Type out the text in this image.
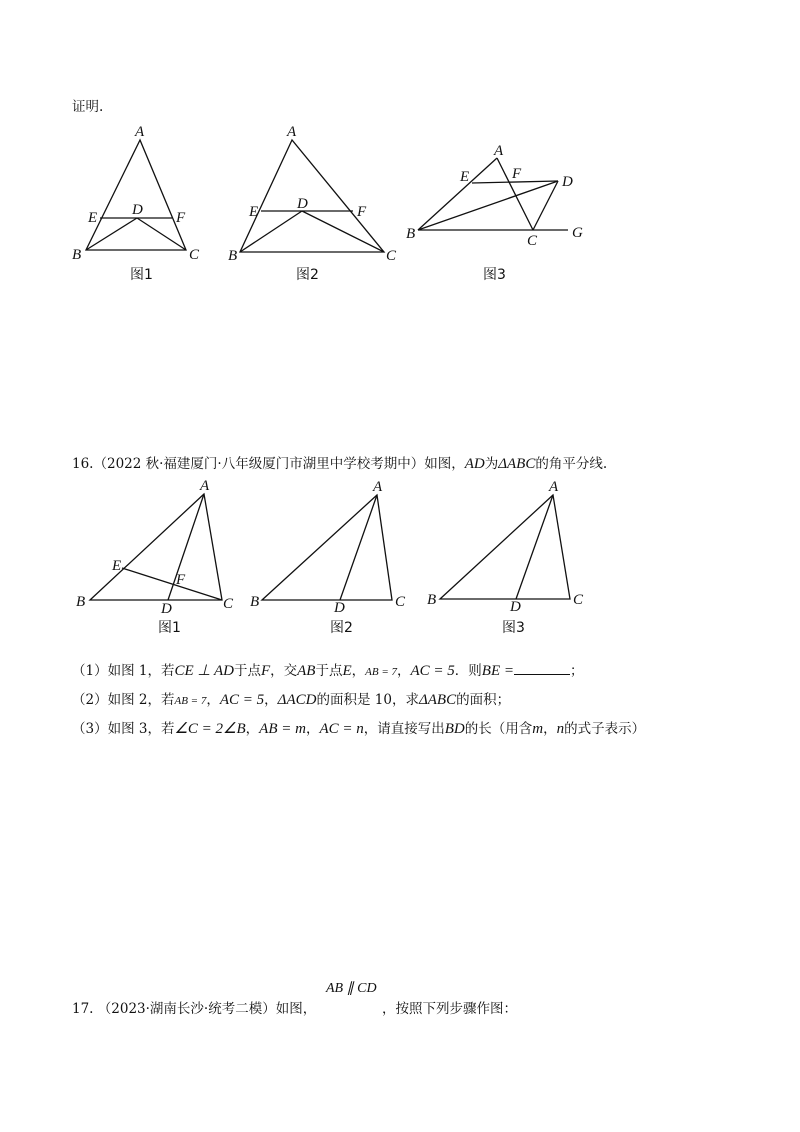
证明.
A
B	C
D
E	F
图1
A
B	C
D
E	F
图2
A
B	C
D
E	F
G
图3
A
B	C
D
E
F
图1
A
B	C
D
图2
A
B	C
D
图3
16.（2022 秋·福建厦门·八年级厦门市湖里中学校考期中）如图，AD为ΔABC的角平分线.
（1）如图 1，若CE ⊥ AD于点F，交AB于点E，AB = 7，AC = 5．则BE =	；
（2）如图 2，若AB = 7，AC = 5，ΔACD的面积是 10，求ΔABC的面积；
（3）如图 3，若∠C = 2∠B，AB = m，AC = n，请直接写出BD的长（用含m，n的式子表示）
17. （2023·湖南长沙·统考二模）如图，
AB ∥ CD
，按照下列步骤作图：
